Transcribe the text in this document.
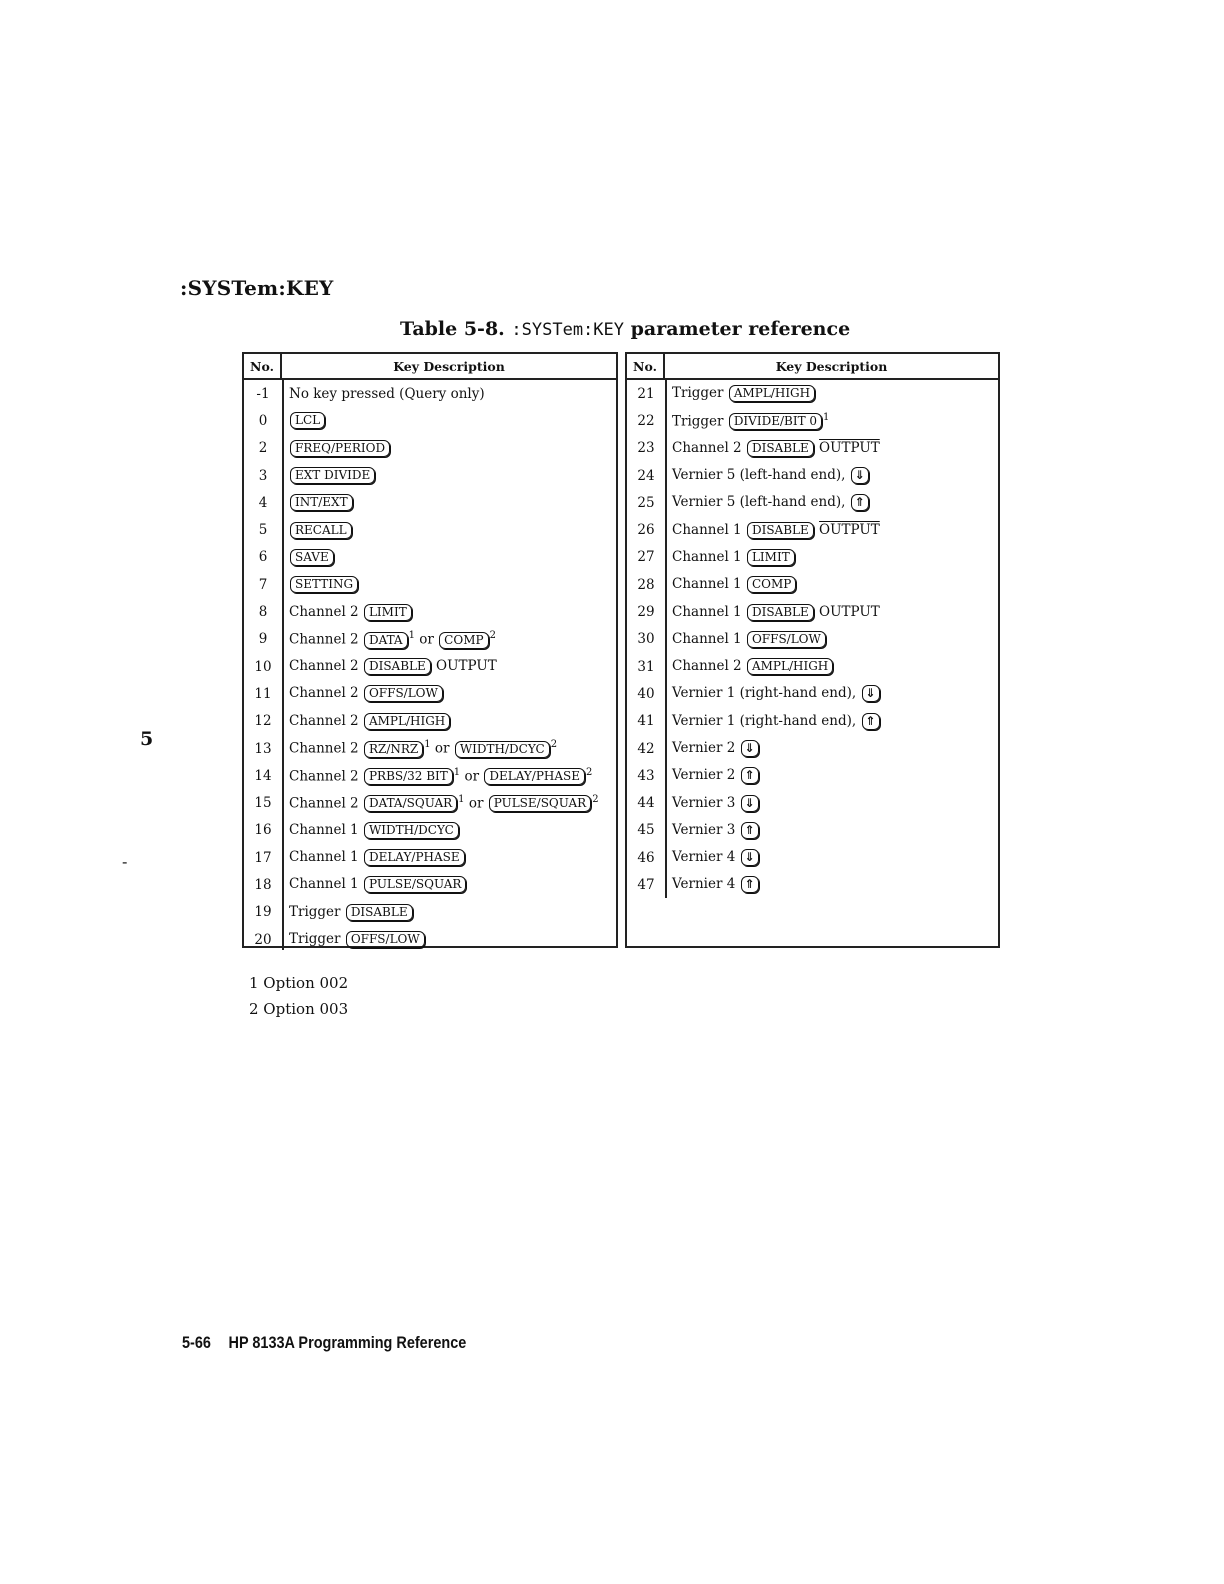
:SYSTem:KEY
Table 5-8. :SYSTem:KEY parameter reference
5
-
No.	Key Description
-1	No key pressed (Query only)
0	LCL
2	FREQ/PERIOD
3	EXT DIVIDE
4	INT/EXT
5	RECALL
6	SAVE
7	SETTING
8	Channel 2 LIMIT
9	Channel 2 DATA $^1$ or COMP $^2$
10	Channel 2 DISABLE OUTPUT
11	Channel 2 OFFS/LOW
12	Channel 2 AMPL/HIGH
13	Channel 2 RZ/NRZ $^1$ or WIDTH/DCYC $^2$
14	Channel 2 PRBS/32 BIT $^1$ or DELAY/PHASE $^2$
15	Channel 2 DATA/SQUAR $^1$ or PULSE/SQUAR $^2$
16	Channel 1 WIDTH/DCYC
17	Channel 1 DELAY/PHASE
18	Channel 1 PULSE/SQUAR
19	Trigger DISABLE
20	Trigger OFFS/LOW
No.	Key Description
21	Trigger AMPL/HIGH
22	Trigger DIVIDE/BIT 0 $^1$
23	Channel 2 DISABLE OUTPUT
24	Vernier 5 (left-hand end), ⇓
25	Vernier 5 (left-hand end), ⇑
26	Channel 1 DISABLE OUTPUT
27	Channel 1 LIMIT
28	Channel 1 COMP
29	Channel 1 DISABLE OUTPUT
30	Channel 1 OFFS/LOW
31	Channel 2 AMPL/HIGH
40	Vernier 1 (right-hand end), ⇓
41	Vernier 1 (right-hand end), ⇑
42	Vernier 2 ⇓
43	Vernier 2 ⇑
44	Vernier 3 ⇓
45	Vernier 3 ⇑
46	Vernier 4 ⇓
47	Vernier 4 ⇑
1 Option 002
2 Option 003
5-66 HP 8133A Programming Reference
